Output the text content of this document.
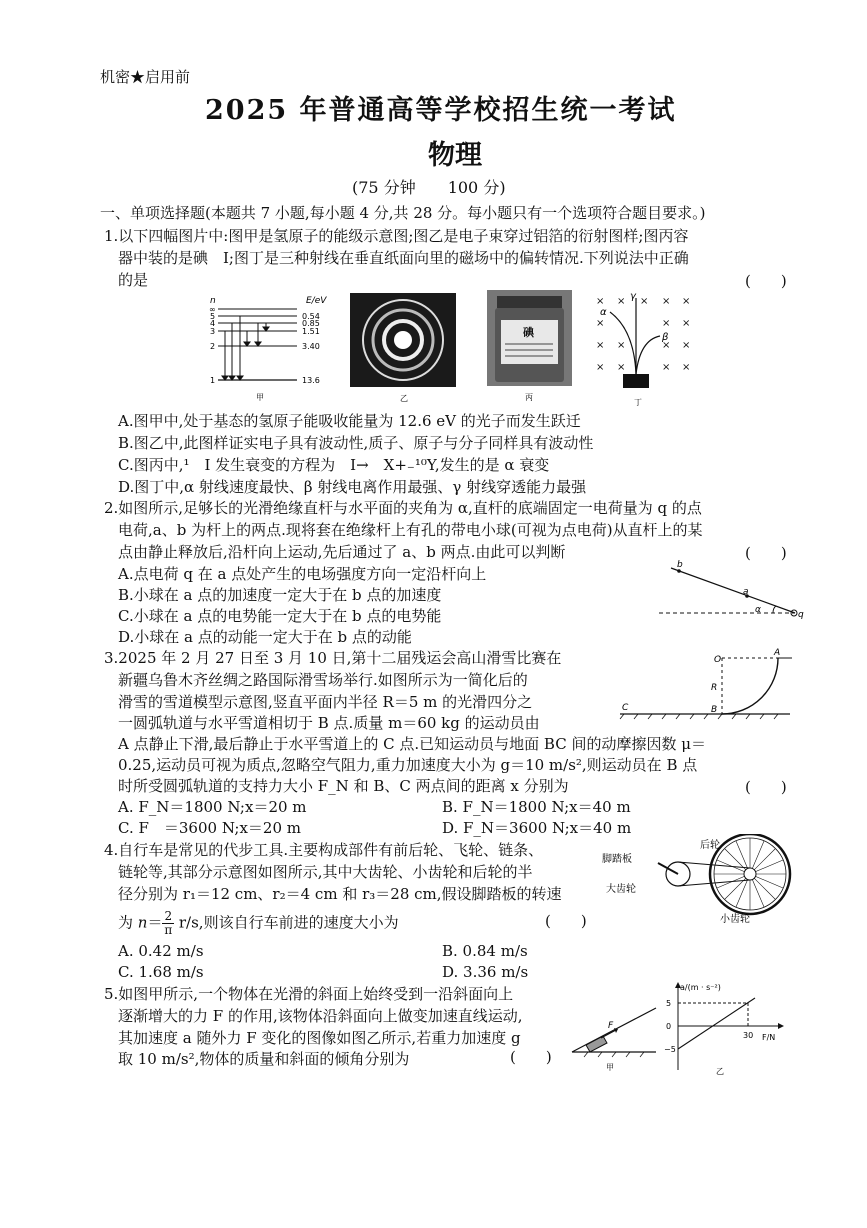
机密★启用前
2025 年普通高等学校招生统一考试
物理
(75 分钟　　100 分)
一、单项选择题(本题共 7 小题,每小题 4 分,共 28 分。每小题只有一个选项符合题目要求。)
1.以下四幅图片中:图甲是氢原子的能级示意图;图乙是电子束穿过铝箔的衍射图样;图丙容
器中装的是碘　I;图丁是三种射线在垂直纸面向里的磁场中的偏转情况.下列说法中正确
的是	(　　)
n	E/eV
∞
5	0.54
4	0.85
3	1.51
2	3.40
1	13.6
甲	乙
碘
丙
× × × × ×
×	× ×
× ×	× ×
× ×	× ×
α
γ
β
丁
A.图甲中,处于基态的氢原子能吸收能量为 12.6 eV 的光子而发生跃迁
B.图乙中,此图样证实电子具有波动性,质子、原子与分子同样具有波动性
C.图丙中,¹　I 发生衰变的方程为　I→　X+₋¹⁰Y,发生的是 α 衰变
D.图丁中,α 射线速度最快、β 射线电离作用最强、γ 射线穿透能力最强
2.如图所示,足够长的光滑绝缘直杆与水平面的夹角为 α,直杆的底端固定一电荷量为 q 的点
电荷,a、b 为杆上的两点.现将套在绝缘杆上有孔的带电小球(可视为点电荷)从直杆上的某
点由静止释放后,沿杆向上运动,先后通过了 a、b 两点.由此可以判断	(　　)
A.点电荷 q 在 a 点处产生的电场强度方向一定沿杆向上
B.小球在 a 点的加速度一定大于在 b 点的加速度
C.小球在 a 点的电势能一定大于在 b 点的电势能
D.小球在 a 点的动能一定大于在 b 点的动能
b
a
α	q
3.2025 年 2 月 27 日至 3 月 10 日,第十二届残运会高山滑雪比赛在
新疆乌鲁木齐丝绸之路国际滑雪场举行.如图所示为一简化后的
滑雪的雪道模型示意图,竖直平面内半径 R＝5 m 的光滑四分之
一圆弧轨道与水平雪道相切于 B 点.质量 m＝60 kg 的运动员由
A 点静止下滑,最后静止于水平雪道上的 C 点.已知运动员与地面 BC 间的动摩擦因数 μ＝
0.25,运动员可视为质点,忽略空气阻力,重力加速度大小为 g＝10 m/s²,则运动员在 B 点
时所受圆弧轨道的支持力大小 F_N 和 B、C 两点间的距离 x 分别为	(　　)
A. F_N＝1800 N;x＝20 m	B. F_N＝1800 N;x＝40 m
C. F　＝3600 N;x＝20 m	D. F_N＝3600 N;x＝40 m
O
A
R
B
C
4.自行车是常见的代步工具.主要构成部件有前后轮、飞轮、链条、
链轮等,其部分示意图如图所示,其中大齿轮、小齿轮和后轮的半
径分别为 r₁＝12 cm、r₂＝4 cm 和 r₃＝28 cm,假设脚踏板的转速
为 $n= \frac{2}{\pi} r/s$,则该自行车前进的速度大小为	(　　)
A. 0.42 m/s	B. 0.84 m/s
C. 1.68 m/s	D. 3.36 m/s
脚踏板
后轮
大齿轮
小齿轮
5.如图甲所示,一个物体在光滑的斜面上始终受到一沿斜面向上
逐渐增大的力 F 的作用,该物体沿斜面向上做变加速直线运动,
其加速度 a 随外力 F 变化的图像如图乙所示,若重力加速度 g
取 10 m/s²,物体的质量和斜面的倾角分别为	(　　)
F
甲
a/(m · s⁻²)
F/N
5
0
−5
30
乙
